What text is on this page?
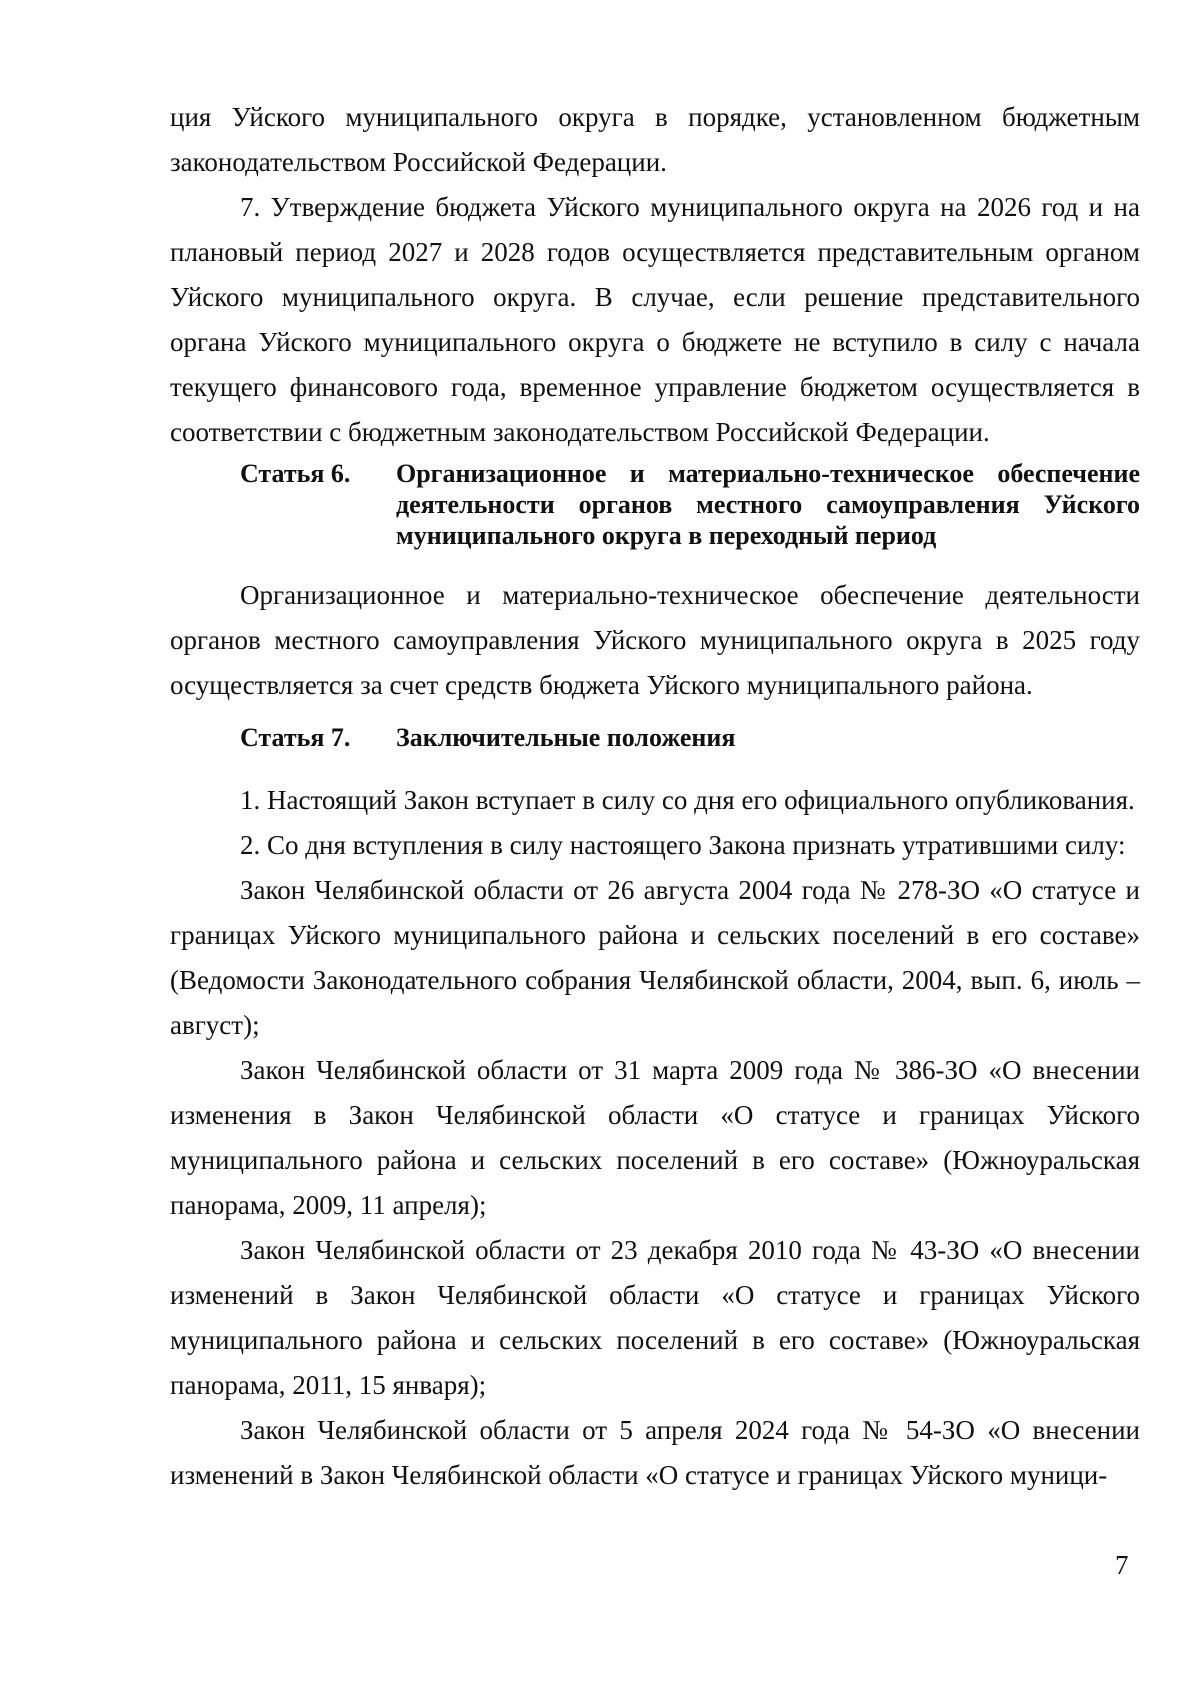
ция Уйского муниципального округа в порядке, установленном бюджетным законодательством Российской Федерации.

7. Утверждение бюджета Уйского муниципального округа на 2026 год и на плановый период 2027 и 2028 годов осуществляется представительным органом Уйского муниципального округа. В случае, если решение представительного органа Уйского муниципального округа о бюджете не вступило в силу с начала текущего финансового года, временное управление бюджетом осуществляется в соответствии с бюджетным законодательством Российской Федерации.

Статья 6.	Организационное и материально-техническое обеспечение деятельности органов местного самоуправления Уйского муниципального округа в переходный период

Организационное и материально-техническое обеспечение деятельности органов местного самоуправления Уйского муниципального округа в 2025 году осуществляется за счет средств бюджета Уйского муниципального района.

Статья 7.	Заключительные положения

1. Настоящий Закон вступает в силу со дня его официального опубликования.

2. Со дня вступления в силу настоящего Закона признать утратившими силу:

Закон Челябинской области от 26 августа 2004 года № 278-ЗО «О статусе и границах Уйского муниципального района и сельских поселений в его составе» (Ведомости Законодательного собрания Челябинской области, 2004, вып. 6, июль – август);

Закон Челябинской области от 31 марта 2009 года № 386-ЗО «О внесении изменения в Закон Челябинской области «О статусе и границах Уйского муниципального района и сельских поселений в его составе» (Южноуральская панорама, 2009, 11 апреля);

Закон Челябинской области от 23 декабря 2010 года № 43-ЗО «О внесении изменений в Закон Челябинской области «О статусе и границах Уйского муниципального района и сельских поселений в его составе» (Южноуральская панорама, 2011, 15 января);

Закон Челябинской области от 5 апреля 2024 года № 54-ЗО «О внесении изменений в Закон Челябинской области «О статусе и границах Уйского муници-

7
